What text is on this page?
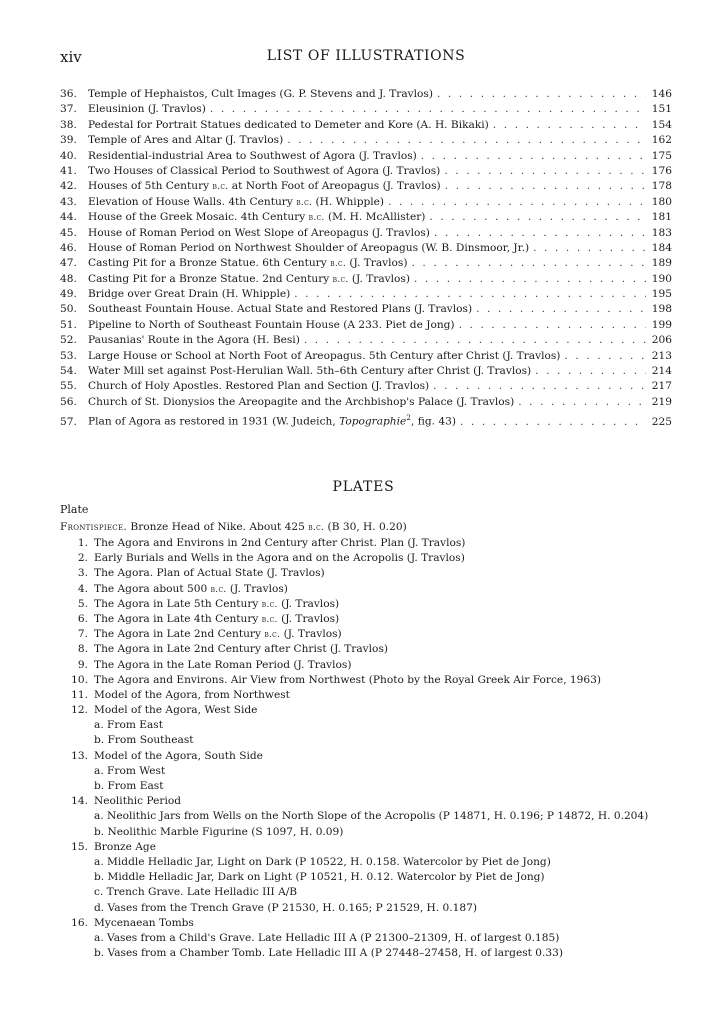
xiv	LIST OF ILLUSTRATIONS
36.	Temple of Hephaistos, Cult Images (G. P. Stevens and J. Travlos) . . .	146
37.	Eleusinion (J. Travlos) . . .	151
38.	Pedestal for Portrait Statues dedicated to Demeter and Kore (A. H. Bikaki) . . .	154
39.	Temple of Ares and Altar (J. Travlos) . . .	162
40.	Residential-industrial Area to Southwest of Agora (J. Travlos) . . .	175
41.	Two Houses of Classical Period to Southwest of Agora (J. Travlos) . . .	176
42.	Houses of 5th Century b.c. at North Foot of Areopagus (J. Travlos) . . .	178
43.	Elevation of House Walls. 4th Century b.c. (H. Whipple) . . .	180
44.	House of the Greek Mosaic. 4th Century b.c. (M. H. McAllister) . . .	181
45.	House of Roman Period on West Slope of Areopagus (J. Travlos) . . .	183
46.	House of Roman Period on Northwest Shoulder of Areopagus (W. B. Dinsmoor, Jr.) . . .	184
47.	Casting Pit for a Bronze Statue. 6th Century b.c. (J. Travlos) . . .	189
48.	Casting Pit for a Bronze Statue. 2nd Century b.c. (J. Travlos) . . .	190
49.	Bridge over Great Drain (H. Whipple) . . .	195
50.	Southeast Fountain House. Actual State and Restored Plans (J. Travlos) . . .	198
51.	Pipeline to North of Southeast Fountain House (A 233. Piet de Jong) . . .	199
52.	Pausanias' Route in the Agora (H. Besi) . . .	206
53.	Large House or School at North Foot of Areopagus. 5th Century after Christ (J. Travlos) . . .	213
54.	Water Mill set against Post-Herulian Wall. 5th–6th Century after Christ (J. Travlos) . . .	214
55.	Church of Holy Apostles. Restored Plan and Section (J. Travlos) . . .	217
56.	Church of St. Dionysios the Areopagite and the Archbishop's Palace (J. Travlos) . . .	219
57.	Plan of Agora as restored in 1931 (W. Judeich, Topographie$^2$, fig. 43) . . .	225
PLATES
Plate
Frontispiece. Bronze Head of Nike. About 425 b.c. (B 30, H. 0.20)
1. The Agora and Environs in 2nd Century after Christ. Plan (J. Travlos)
2. Early Burials and Wells in the Agora and on the Acropolis (J. Travlos)
3. The Agora. Plan of Actual State (J. Travlos)
4. The Agora about 500 b.c. (J. Travlos)
5. The Agora in Late 5th Century b.c. (J. Travlos)
6. The Agora in Late 4th Century b.c. (J. Travlos)
7. The Agora in Late 2nd Century b.c. (J. Travlos)
8. The Agora in Late 2nd Century after Christ (J. Travlos)
9. The Agora in the Late Roman Period (J. Travlos)
10. The Agora and Environs. Air View from Northwest (Photo by the Royal Greek Air Force, 1963)
11. Model of the Agora, from Northwest
12. Model of the Agora, West Side
a. From East
b. From Southeast
13. Model of the Agora, South Side
a. From West
b. From East
14. Neolithic Period
a. Neolithic Jars from Wells on the North Slope of the Acropolis (P 14871, H. 0.196; P 14872, H. 0.204)
b. Neolithic Marble Figurine (S 1097, H. 0.09)
15. Bronze Age
a. Middle Helladic Jar, Light on Dark (P 10522, H. 0.158. Watercolor by Piet de Jong)
b. Middle Helladic Jar, Dark on Light (P 10521, H. 0.12. Watercolor by Piet de Jong)
c. Trench Grave. Late Helladic III A/B
d. Vases from the Trench Grave (P 21530, H. 0.165; P 21529, H. 0.187)
16. Mycenaean Tombs
a. Vases from a Child's Grave. Late Helladic III A (P 21300–21309, H. of largest 0.185)
b. Vases from a Chamber Tomb. Late Helladic III A (P 27448–27458, H. of largest 0.33)
